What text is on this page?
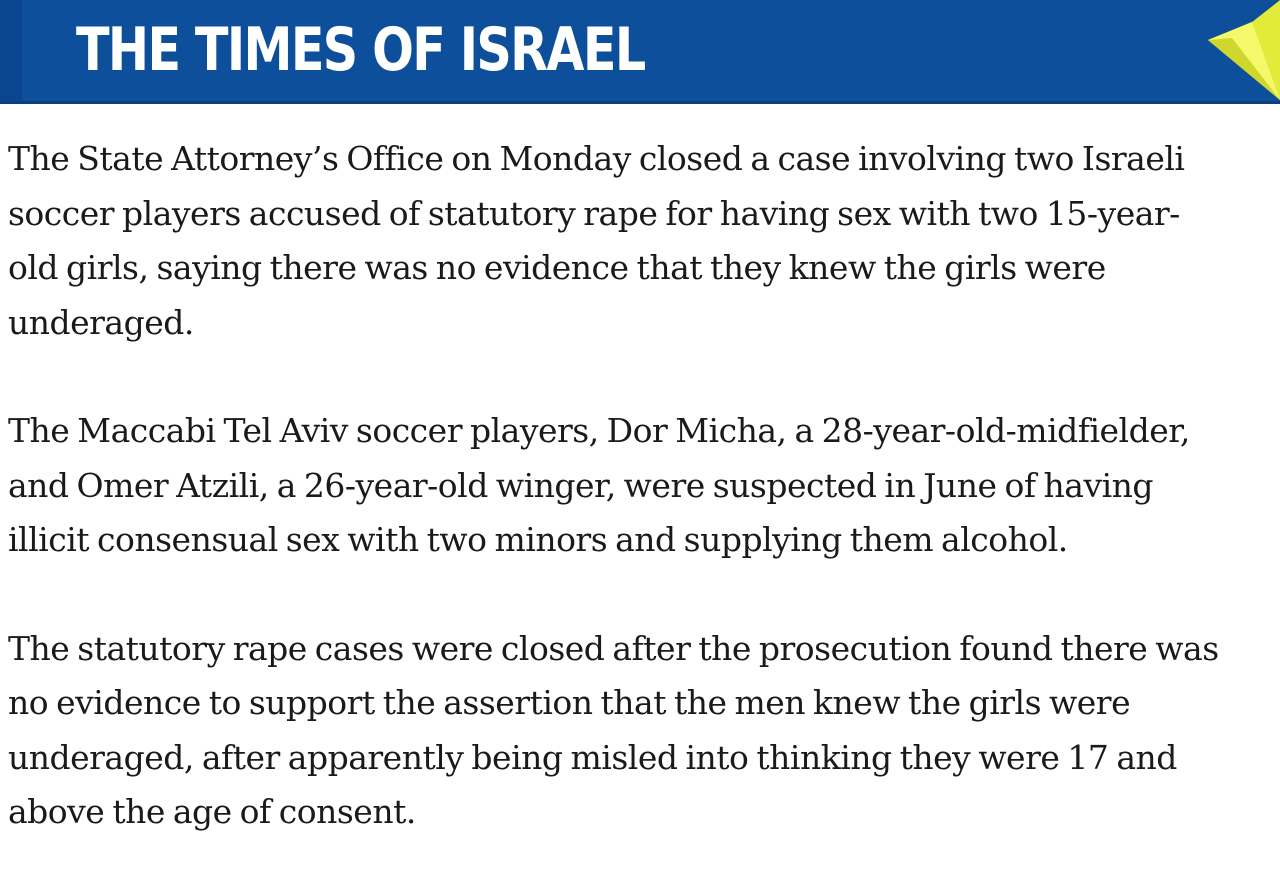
THE TIMES OF ISRAEL

The State Attorney’s Office on Monday closed a case involving two Israeli
soccer players accused of statutory rape for having sex with two 15-year-
old girls, saying there was no evidence that they knew the girls were
underaged.

The Maccabi Tel Aviv soccer players, Dor Micha, a 28-year-old-midfielder,
and Omer Atzili, a 26-year-old winger, were suspected in June of having
illicit consensual sex with two minors and supplying them alcohol.

The statutory rape cases were closed after the prosecution found there was
no evidence to support the assertion that the men knew the girls were
underaged, after apparently being misled into thinking they were 17 and
above the age of consent.
